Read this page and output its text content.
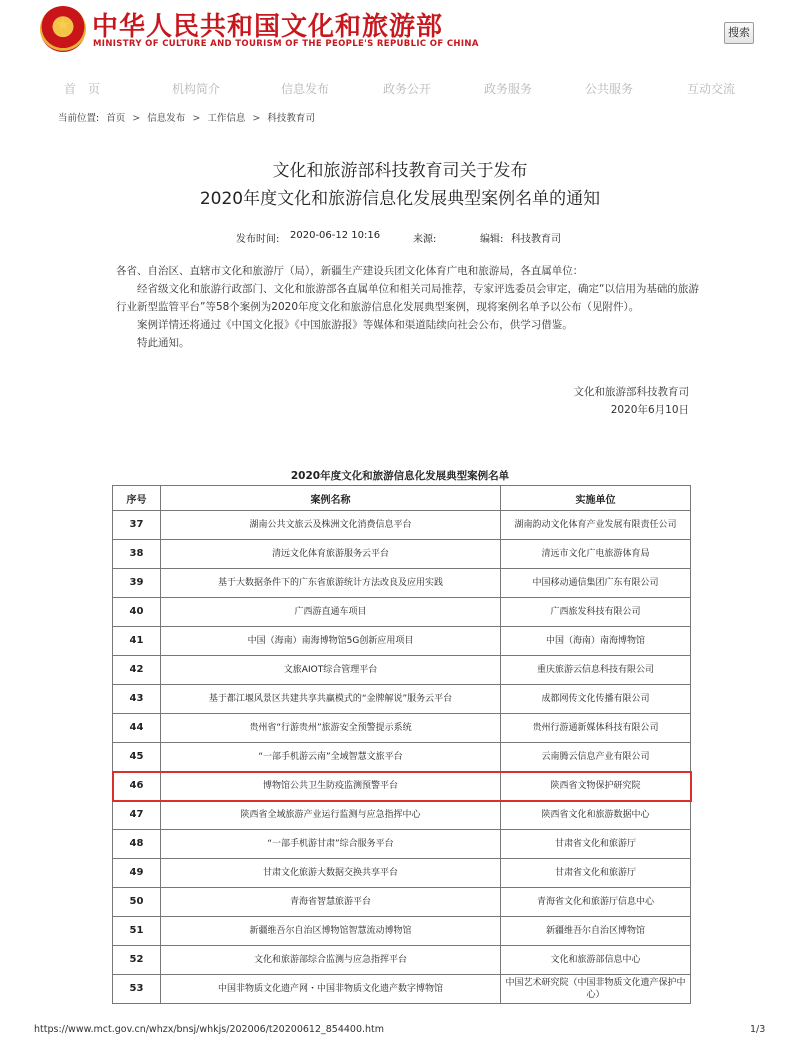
★ 中华人民共和国文化和旅游部
MINISTRY OF CULTURE AND TOURISM OF THE PEOPLE'S REPUBLIC OF CHINA
搜索
首　页	机构简介	信息发布	政务公开	政务服务	公共服务	互动交流
当前位置: 首页 > 信息发布 > 工作信息 > 科技教育司
文化和旅游部科技教育司关于发布
2020年度文化和旅游信息化发展典型案例名单的通知
发布时间: 2020-06-12 10:16	来源:	编辑: 科技教育司

各省、自治区、直辖市文化和旅游厅（局），新疆生产建设兵团文化体育广电和旅游局，各直属单位：

　　经省级文化和旅游行政部门、文化和旅游部各直属单位和相关司局推荐，专家评选委员会审定，确定“以信用为基础的旅游行业新型监管平台”等58个案例为2020年度文化和旅游信息化发展典型案例，现将案例名单予以公布（见附件）。

　　案例详情还将通过《中国文化报》《中国旅游报》等媒体和渠道陆续向社会公布，供学习借鉴。

　　特此通知。

文化和旅游部科技教育司
2020年6月10日
2020年度文化和旅游信息化发展典型案例名单
序号	案例名称	实施单位
37	湖南公共文旅云及株洲文化消费信息平台	湖南韵动文化体育产业发展有限责任公司
38	清远文化体育旅游服务云平台	清远市文化广电旅游体育局
39	基于大数据条件下的广东省旅游统计方法改良及应用实践	中国移动通信集团广东有限公司
40	广西游直通车项目	广西旅发科技有限公司
41	中国（海南）南海博物馆5G创新应用项目	中国（海南）南海博物馆
42	文旅AIOT综合管理平台	重庆旅游云信息科技有限公司
43	基于都江堰风景区共建共享共赢模式的“金牌解说”服务云平台	成都网传文化传播有限公司
44	贵州省“行游贵州”旅游安全预警提示系统	贵州行游通新媒体科技有限公司
45	“一部手机游云南”全域智慧文旅平台	云南腾云信息产业有限公司
46	博物馆公共卫生防疫监测预警平台	陕西省文物保护研究院
47	陕西省全域旅游产业运行监测与应急指挥中心	陕西省文化和旅游数据中心
48	“一部手机游甘肃”综合服务平台	甘肃省文化和旅游厅
49	甘肃文化旅游大数据交换共享平台	甘肃省文化和旅游厅
50	青海省智慧旅游平台	青海省文化和旅游厅信息中心
51	新疆维吾尔自治区博物馆智慧流动博物馆	新疆维吾尔自治区博物馆
52	文化和旅游部综合监测与应急指挥平台	文化和旅游部信息中心
53	中国非物质文化遗产网・中国非物质文化遗产数字博物馆	中国艺术研究院（中国非物质文化遗产保护中心）
https://www.mct.gov.cn/whzx/bnsj/whkjs/202006/t20200612_854400.htm	1/3
